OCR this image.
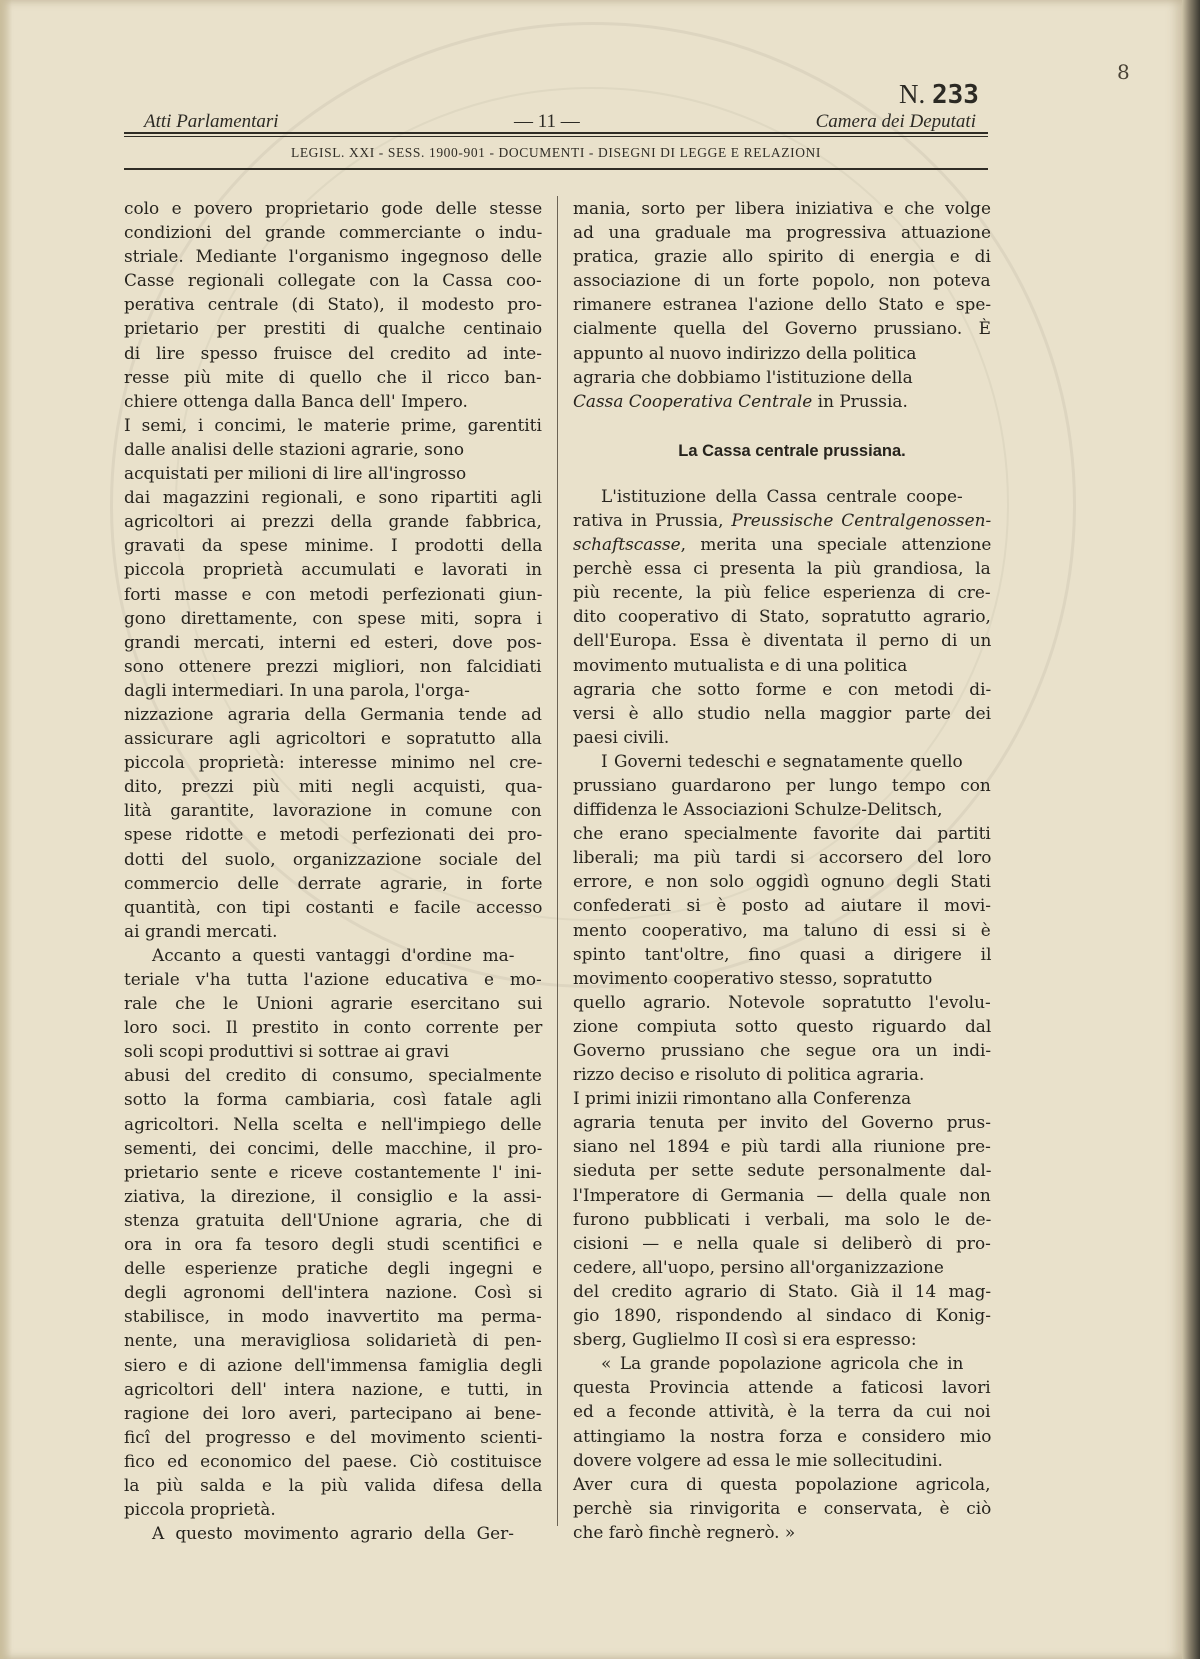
8
N. 233
Atti Parlamentari	— 11 —	Camera dei Deputati
LEGISL. XXI - SESS. 1900-901 - DOCUMENTI - DISEGNI DI LEGGE E RELAZIONI
colo e povero proprietario gode delle stesse
condizioni del grande commerciante o indu-
striale. Mediante l'organismo ingegnoso delle
Casse regionali collegate con la Cassa coo-
perativa centrale (di Stato), il modesto pro-
prietario per prestiti di qualche centinaio
di lire spesso fruisce del credito ad inte-
resse più mite di quello che il ricco ban-
chiere ottenga dalla Banca dell' Impero.
I semi, i concimi, le materie prime, garentiti
dalle analisi delle stazioni agrarie, sono
acquistati per milioni di lire all'ingrosso
dai magazzini regionali, e sono ripartiti agli
agricoltori ai prezzi della grande fabbrica,
gravati da spese minime. I prodotti della
piccola proprietà accumulati e lavorati in
forti masse e con metodi perfezionati giun-
gono direttamente, con spese miti, sopra i
grandi mercati, interni ed esteri, dove pos-
sono ottenere prezzi migliori, non falcidiati
dagli intermediari. In una parola, l'orga-
nizzazione agraria della Germania tende ad
assicurare agli agricoltori e sopratutto alla
piccola proprietà: interesse minimo nel cre-
dito, prezzi più miti negli acquisti, qua-
lità garantite, lavorazione in comune con
spese ridotte e metodi perfezionati dei pro-
dotti del suolo, organizzazione sociale del
commercio delle derrate agrarie, in forte
quantità, con tipi costanti e facile accesso
ai grandi mercati.
Accanto a questi vantaggi d'ordine ma-
teriale v'ha tutta l'azione educativa e mo-
rale che le Unioni agrarie esercitano sui
loro soci. Il prestito in conto corrente per
soli scopi produttivi si sottrae ai gravi
abusi del credito di consumo, specialmente
sotto la forma cambiaria, così fatale agli
agricoltori. Nella scelta e nell'impiego delle
sementi, dei concimi, delle macchine, il pro-
prietario sente e riceve costantemente l' ini-
ziativa, la direzione, il consiglio e la assi-
stenza gratuita dell'Unione agraria, che di
ora in ora fa tesoro degli studi scentifici e
delle esperienze pratiche degli ingegni e
degli agronomi dell'intera nazione. Così si
stabilisce, in modo inavvertito ma perma-
nente, una meravigliosa solidarietà di pen-
siero e di azione dell'immensa famiglia degli
agricoltori dell' intera nazione, e tutti, in
ragione dei loro averi, partecipano ai bene-
ficî del progresso e del movimento scienti-
fico ed economico del paese. Ciò costituisce
la più salda e la più valida difesa della
piccola proprietà.
A questo movimento agrario della Ger-
mania, sorto per libera iniziativa e che volge
ad una graduale ma progressiva attuazione
pratica, grazie allo spirito di energia e di
associazione di un forte popolo, non poteva
rimanere estranea l'azione dello Stato e spe-
cialmente quella del Governo prussiano. È
appunto al nuovo indirizzo della politica
agraria che dobbiamo l'istituzione della
Cassa Cooperativa Centrale in Prussia.
La Cassa centrale prussiana.
L'istituzione della Cassa centrale coope-
rativa in Prussia, Preussische Centralgenossen-
schaftscasse, merita una speciale attenzione
perchè essa ci presenta la più grandiosa, la
più recente, la più felice esperienza di cre-
dito cooperativo di Stato, sopratutto agrario,
dell'Europa. Essa è diventata il perno di un
movimento mutualista e di una politica
agraria che sotto forme e con metodi di-
versi è allo studio nella maggior parte dei
paesi civili.
I Governi tedeschi e segnatamente quello
prussiano guardarono per lungo tempo con
diffidenza le Associazioni Schulze-Delitsch,
che erano specialmente favorite dai partiti
liberali; ma più tardi si accorsero del loro
errore, e non solo oggidì ognuno degli Stati
confederati si è posto ad aiutare il movi-
mento cooperativo, ma taluno di essi si è
spinto tant'oltre, fino quasi a dirigere il
movimento cooperativo stesso, sopratutto
quello agrario. Notevole sopratutto l'evolu-
zione compiuta sotto questo riguardo dal
Governo prussiano che segue ora un indi-
rizzo deciso e risoluto di politica agraria.
I primi inizii rimontano alla Conferenza
agraria tenuta per invito del Governo prus-
siano nel 1894 e più tardi alla riunione pre-
sieduta per sette sedute personalmente dal-
l'Imperatore di Germania — della quale non
furono pubblicati i verbali, ma solo le de-
cisioni — e nella quale si deliberò di pro-
cedere, all'uopo, persino all'organizzazione
del credito agrario di Stato. Già il 14 mag-
gio 1890, rispondendo al sindaco di Konig-
sberg, Guglielmo II così si era espresso:
« La grande popolazione agricola che in
questa Provincia attende a faticosi lavori
ed a feconde attività, è la terra da cui noi
attingiamo la nostra forza e considero mio
dovere volgere ad essa le mie sollecitudini.
Aver cura di questa popolazione agricola,
perchè sia rinvigorita e conservata, è ciò
che farò finchè regnerò. »
